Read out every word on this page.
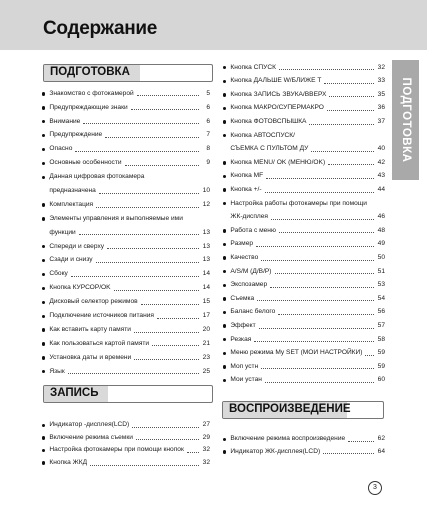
Содержание
ПОДГОТОВКА
ПОДГОТОВКА
Знакомство с фотокамерой	5
Предупреждающие знаки	6
Внимание	6
Предупреждение	7
Опасно	8
Основные особенности	9
Данная цифровая фотокамера
предназначена	10
Комплектация	12
Элементы управления и выполняемые ими
функции	13
Спереди и сверху	13
Сзади и снизу	13
Сбоку	14
Кнопка КУРСОР/OK	14
Дисковый селектор режимов	15
Подключение источников питания	17
Как вставить карту памяти	20
Как пользоваться картой памяти	21
Установка даты и времени	23
Язык	25
ЗАПИСЬ
Индикатор -дисплея(LCD)	27
Включение режима съемки	29
Настройка фотокамеры при помощи кнопок	32
Кнопка ЖКД	32
Кнопка СПУСК	32
Кнопка ДАЛЬШЕ W/БЛИЖЕ T	33
Кнопка ЗАПИСЬ ЗВУКА/ВВЕРХ	35
Кнопка МАКРО/СУПЕРМАКРО	36
Кнопка ФОТОВСПЫШКА	37
Кнопка АВТОСПУСК/
СЪЕМКА С ПУЛЬТОМ ДУ	40
Кнопка MENU/ OK (МЕНЮ/OK)	42
Кнопка MF	43
Кнопка +/-	44
Настройка работы фотокамеры при помощи
ЖК-дисплея	46
Работа с меню	48
Размер	49
Качество	50
A/S/M (Д/В/Р)	51
Экспозамер	53
Съемка	54
Баланс белого	56
Эффект	57
Резкая	58
Меню режима My SET (МОИ НАСТРОЙКИ) 59
Моп устн	59
Мои устан	60
ВОСПРОИЗВЕДЕНИЕ
Включение режима воспроизведение	62
Индикатор ЖК-дисплея(LCD)	64
3
